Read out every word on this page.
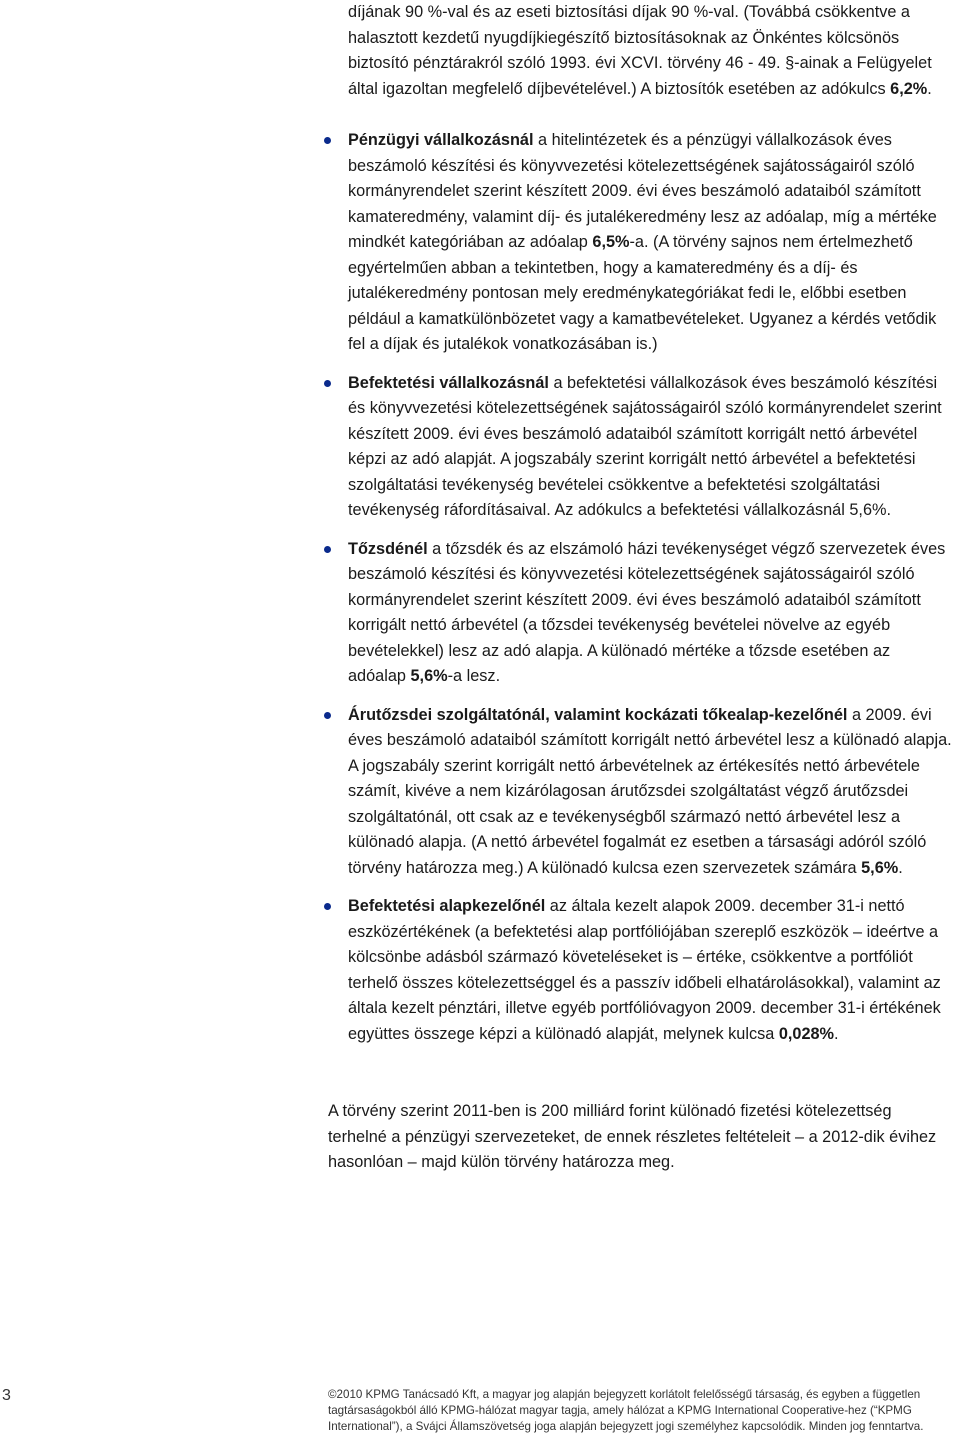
díjának 90 %-val és az eseti biztosítási díjak 90 %-val. (Továbbá csökkentve a halasztott kezdetű nyugdíjkiegészítő biztosításoknak az Önkéntes kölcsönös biztosító pénztárakról szóló 1993. évi XCVI. törvény 46 - 49. §-ainak a Felügyelet által igazoltan megfelelő díjbevételével.) A biztosítók esetében az adókulcs 6,2%.
Pénzügyi vállalkozásnál a hitelintézetek és a pénzügyi vállalkozások éves beszámoló készítési és könyvvezetési kötelezettségének sajátosságairól szóló kormányrendelet szerint készített 2009. évi éves beszámoló adataiból számított kamateredmény, valamint díj- és jutalékeredmény lesz az adóalap, míg a mértéke mindkét kategóriában az adóalap 6,5%-a. (A törvény sajnos nem értelmezhető egyértelműen abban a tekintetben, hogy a kamateredmény és a díj- és jutalékeredmény pontosan mely eredménykategóriákat fedi le, előbbi esetben például a kamatkülönbözetet vagy a kamatbevételeket. Ugyanez a kérdés vetődik fel a díjak és jutalékok vonatkozásában is.)
Befektetési vállalkozásnál a befektetési vállalkozások éves beszámoló készítési és könyvvezetési kötelezettségének sajátosságairól szóló kormányrendelet szerint készített 2009. évi éves beszámoló adataiból számított korrigált nettó árbevétel képzi az adó alapját. A jogszabály szerint korrigált nettó árbevétel a befektetési szolgáltatási tevékenység bevételei csökkentve a befektetési szolgáltatási tevékenység ráfordításaival. Az adókulcs a befektetési vállalkozásnál 5,6%.
Tőzsdénél a tőzsdék és az elszámoló házi tevékenységet végző szervezetek éves beszámoló készítési és könyvvezetési kötelezettségének sajátosságairól szóló kormányrendelet szerint készített 2009. évi éves beszámoló adataiból számított korrigált nettó árbevétel (a tőzsdei tevékenység bevételei növelve az egyéb bevételekkel) lesz az adó alapja. A különadó mértéke a tőzsde esetében az adóalap 5,6%-a lesz.
Árutőzsdei szolgáltatónál, valamint kockázati tőkealap-kezelőnél a 2009. évi éves beszámoló adataiból számított korrigált nettó árbevétel lesz a különadó alapja. A jogszabály szerint korrigált nettó árbevételnek az értékesítés nettó árbevétele számít, kivéve a nem kizárólagosan árutőzsdei szolgáltatást végző árutőzsdei szolgáltatónál, ott csak az e tevékenységből származó nettó árbevétel lesz a különadó alapja. (A nettó árbevétel fogalmát ez esetben a társasági adóról szóló törvény határozza meg.) A különadó kulcsa ezen szervezetek számára 5,6%.
Befektetési alapkezelőnél az általa kezelt alapok 2009. december 31-i nettó eszközértékének (a befektetési alap portfóliójában szereplő eszközök – ideértve a kölcsönbe adásból származó követeléseket is – értéke, csökkentve a portfóliót terhelő összes kötelezettséggel és a passzív időbeli elhatárolásokkal), valamint az általa kezelt pénztári, illetve egyéb portfólióvagyon 2009. december 31-i értékének együttes összege képzi a különadó alapját, melynek kulcsa 0,028%.
A törvény szerint 2011-ben is 200 milliárd forint különadó fizetési kötelezettség terhelné a pénzügyi szervezeteket, de ennek részletes feltételeit – a 2012-dik évihez hasonlóan – majd külön törvény határozza meg.
3	©2010 KPMG Tanácsadó Kft, a magyar jog alapján bejegyzett korlátolt felelősségű társaság, és egyben a független tagtársaságokból álló KPMG-hálózat magyar tagja, amely hálózat a KPMG International Cooperative-hez (“KPMG International”), a Svájci Államszövetség joga alapján bejegyzett jogi személyhez kapcsolódik. Minden jog fenntartva.
